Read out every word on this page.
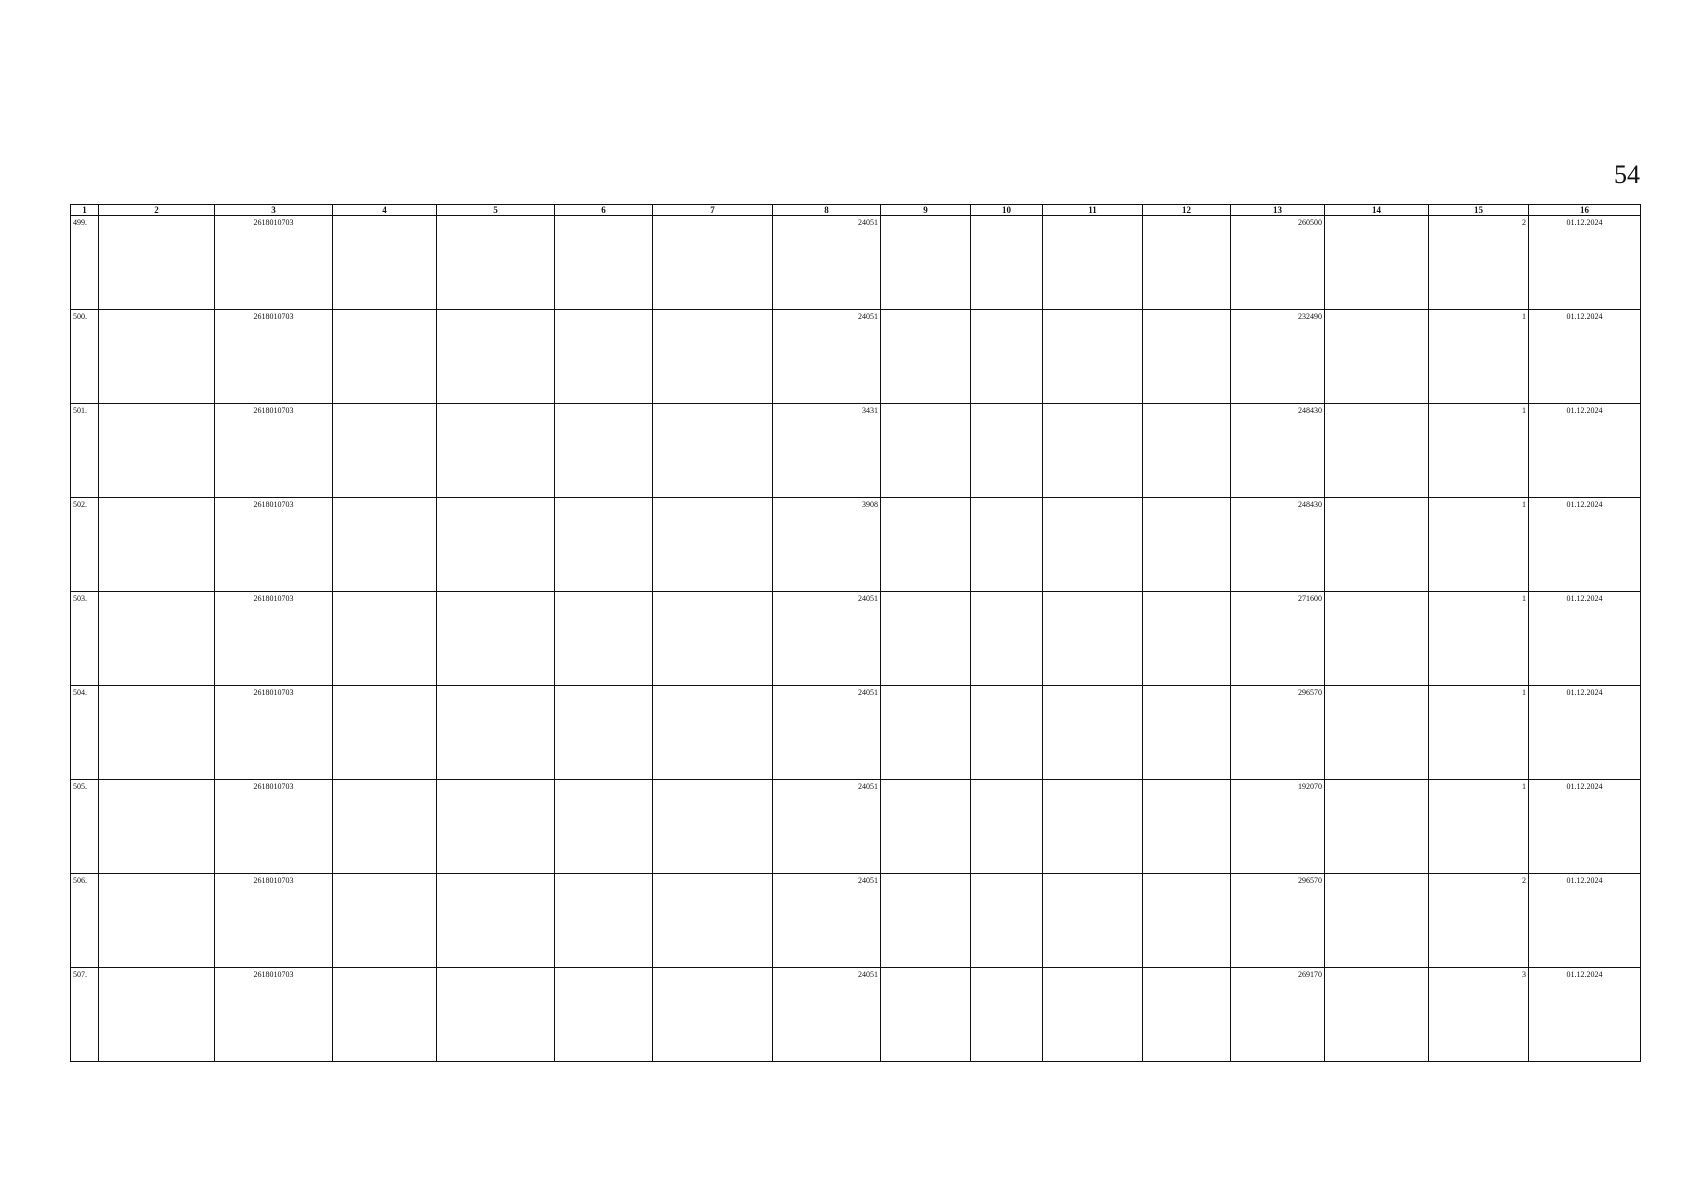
54
1	2	3	4	5	6	7	8	9	10	11	12	13	14	15	16
499.		2618010703					24051					260500		2	01.12.2024
500.		2618010703					24051					232490		1	01.12.2024
501.		2618010703					3431					248430		1	01.12.2024
502.		2618010703					3908					248430		1	01.12.2024
503.		2618010703					24051					271600		1	01.12.2024
504.		2618010703					24051					296570		1	01.12.2024
505.		2618010703					24051					192070		1	01.12.2024
506.		2618010703					24051					296570		2	01.12.2024
507.		2618010703					24051					269170		3	01.12.2024
